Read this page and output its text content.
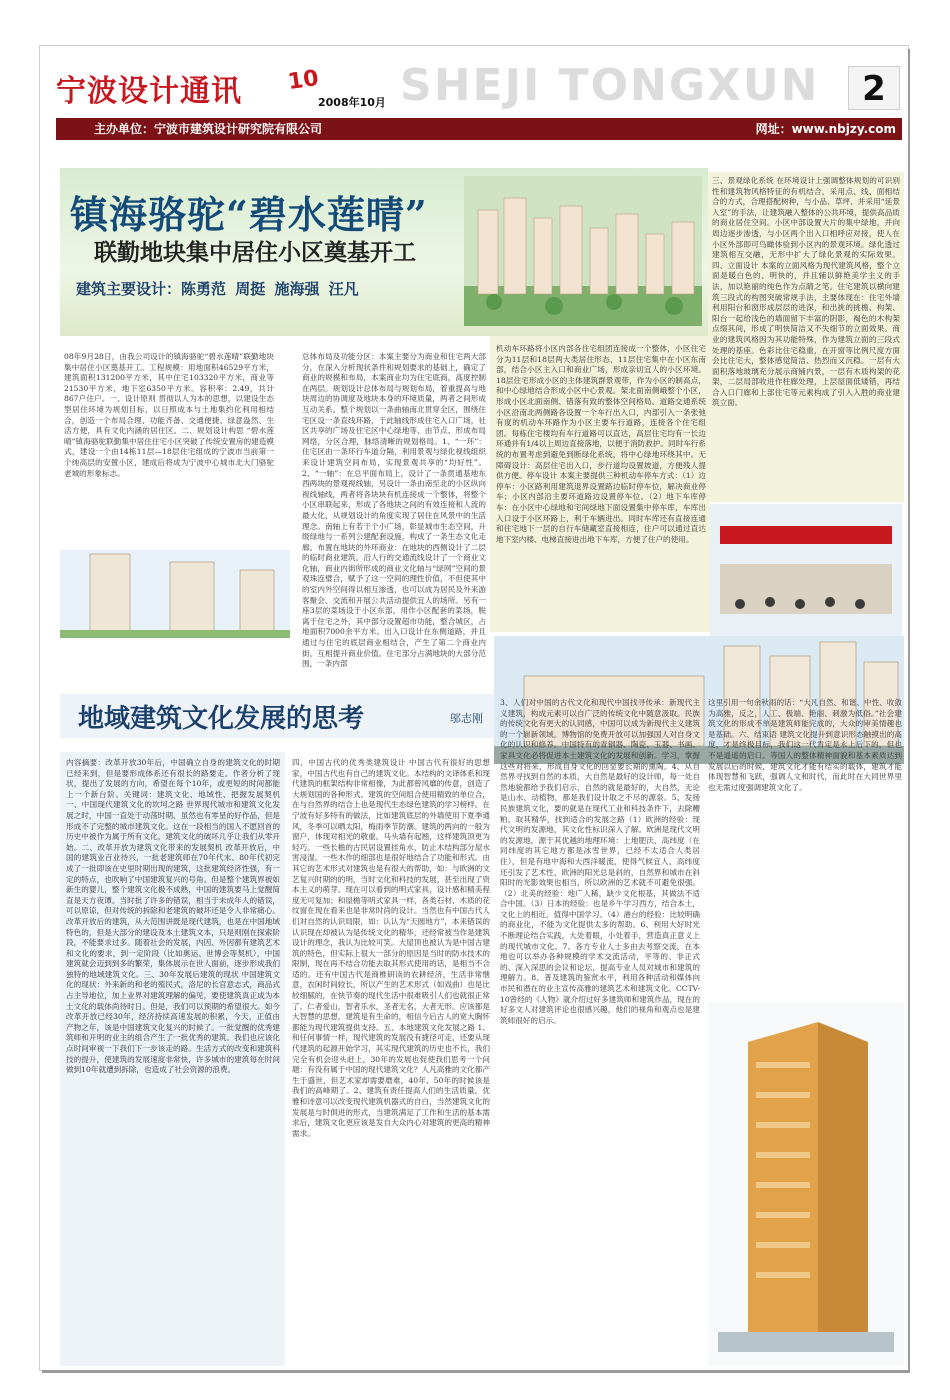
宁波设计通讯 10
2008年10月 SHEJI TONGXUN	2
主办单位：宁波市建筑设计研究院有限公司	网址：www.nbjzy.com
镇海骆驼“碧水莲晴”
联勤地块集中居住小区奠基开工
建筑主要设计：陈勇范 周挺 施海强 汪凡
08年9月28日，由我公司设计的镇海骆驼“碧水莲晴”联勤地块集中居住小区奠基开工。工程规模：用地面积46529平方米，建筑面积131200平方米，其中住宅103320平方米，商业等21530平方米，地下室6350平方米。容积率：2.49，共计867户住户。一、设计原则 贯彻以人为本的思想，以建设生态型居住环境为规划目标，以日照成本与土地集约化利用相结合，创造一个布局合理、功能齐备、交通便捷、绿意盎然、生活方便，具有文化内涵的居住区。二、规划设计构思 “碧水莲晴”镇海骆驼联勤集中居住住宅小区突破了传统安置房的建造模式，建设一个由14栋11层—18层住宅组成的宁波市当前第一个纯高层的安置小区，建成后将成为宁波中心城市北大门骆驼老城的形象标志。
总体布局及功能分区：本案主要分为商业和住宅两大部分，在深入分析现状条件和规划要求的基础上，确定了商业的规模和布局，本案商业均为住宅底商，高度控制在两层。规划设计总体布局与规划布局，着重提高与地块周边的协调度及地块本身的环境质量，两者之间形成互动关系。整个规划以一条曲轴南北贯穿全区，围绕住宅区设一条直线环路，于此轴线形成住宅入口广场，社区共享的广场及住宅区中心绿地等，由节点、形成布局网络，分区合理，脉络清晰的规划格局。1、“一环”：住宅区由一条环行车道分隔，利用景观与绿化视线组织来设计建筑空间布局，实现景观共享的“均好性”。2、“一轴”：在总平面布局上，设计了一条贯通基地东西两块的景观视线轴，另设计一条由南至北的小区纵向视线轴线，两者将各块块有机连接成一个整体，将整个小区串联起来，形成了各地块之间的有效连接和人流的最大化，从规划设计的角度实现了居住在风景中的生活理念。南轴上有若干个小广场，彰显城市生态空间，升级绿地与一系列公建配套设施，构成了一条生态文化走廊。布置在地块的外环商业：在地块的西侧设计了二层的临时商业建筑，沿人行的交通流线设计了一个商业文化轴，商业内街所形成的商业文化轴与“绿网”空间的景观珠连璧合，赋予了这一空间的理性价值，不但使其中的室内外空间得以相互渗透，也可以成为居民及外来游客聚会、交流和开展公共活动提供宜人的场所。另有一座3层的菜场设于小区东部，用作小区配套的菜场，脱离于住宅之外，其中部分设置超市功能，整合城区，占地面积7000余平方米。出入口设计在东侧道路，并且通过与住宅的底层商业相结合，产生了第二个商业内街，互相提升商业价值。住宅部分占满地块的大部分范围，一条内部
机动车环路将小区内部各住宅组团连接成一个整体，小区住宅分为11层和18层两大类居住形态，11层住宅集中在小区东南部，结合小区主入口和商业广场，形成亲切宜人的小区环境。18层住宅形成小区的主体建筑群景观带，作为小区的制高点，和中心绿地结合形成小区中心景观。架北面南侧峨整个小区，形成小区北面南侧、错落有致的整体空间格局。道路交通系统 小区沿南北两侧路各设置一个车行出入口，内部引入一条张弛有度的机动车环路作为小区主要车行道路，连接各个住宅组团。每栋住宅楼均有车行道路可以直达，高层住宅均有一长边环通并有1/4以上周边直接落地，以便于消防救护。同时车行系统的布置考虑到避免到断绿化系统，将中心绿地环绕其中。无障碍设计：高层住宅出入口，步行道均设置坡道，方便残人提供方便。停车设计 本案主要提供三种机动车停车方式：（1）边停车：小区路利用建筑退界设置路边临时停车位，解决商业停车；小区内部沿主要环道路边设置停车位。（2）地下车库停车：在小区中心绿地和宅间绿地下面设置集中停车库，车库出入口设于小区环路上，利于车辆进出。同时车库还有直接连通和住宅地下一层的自行车储藏室直接相连，住户可以通过直达地下室内楼、电梯直接进出地下车库，方便了住户的使用。
三、景观绿化系统 在环境设计上强调整体规划的可识别性和建筑物风格特征的有机结合，采用点、线、面相结合的方式，合理搭配树种，与小品、草坪、并采用“延景入室”的手法，让建筑融入整体的公共环境，提供高品质的商业居住空间。小区中部设置大片的集中绿地，并向周边逐步渗透，与小区两个出入口相呼应对接，使人在小区外部即可鸟瞰体验到小区内的景观环境。绿化透过建筑相互交融，无形中扩大了绿化景观的实际效果。四、立面设计 本案的立面风格为现代建筑风格，整个立面是暖白色的、明快的，并且辅以鲜艳美学主义的手法，加以艳丽的纯色作为点睛之笔。住宅建筑以横向建筑三段式的构图突破常规手法，主要体现在：住宅外墙利用阳台和窗形成层层的进深，和出挑的挑檐、构架、阳台一起给浅色的墙面留下丰富的阴影，褐色的木构架点缀其间，形成了明快简洁又不失细节的立面效果。商业的建筑风格因为其功能特殊，作为建筑立面的三段式处理的基座。色彩比住宅稳重，在开窗等比例尺度方面会比住宅大，整体感觉简洁、热烈而又沉稳。一层有大面积落地玻璃充分展示商铺内景，一层有木质构架的花架，二层局部收进作柱廊处理，上层屋面低矮错，再结合入口门廊和上部住宅等元素构成了引入入胜的商业建筑立面。
地域建筑文化发展的思考	邬志刚
内容摘要：改革开放30年后，中国确立自身的建筑文化的时期已经来到，但是要形成体系还有很长的路要走。作者分析了现状，提出了发展的方向，希望在每个10年，或更短的时间都能上一个新台阶。关键词：建筑文化、地域性、把握发展契机 一、中国现代建筑文化的坎坷之路 世界现代城市和建筑文化发展之时，中国一直处于动荡时期，虽然也有零星的好作品，但是形成不了完整的城市建筑文化。这在一段相当的国人不愿回首的历史中被作为属于所有文化，建筑文化的破坏几乎让我们从零开始。二、改革开放为建筑文化带来的发展契机 改革开放后，中国的建筑业百业待兴，一批老建筑师在70年代末、80年代初完成了一批即该在史里时期出现的建筑，这批建筑经济性强，有一定的特点，也吹响了中国建筑复兴的号角。但是整个建筑界被如新生的婴儿，整个建筑文化极不成熟，中国的建筑要马上觉醒简直是天方夜谭。当时批了许多的错误，相当于未成年人的错误，可以原谅，但对传统的拆除和老建筑的破坏还是令人非常痛心。改革开放后的建筑，从大范围讲既是现代建筑，也是在中国地域特色的，但是大部分的建设及本土建筑文本，只是则刚在探索阶段，不能要求过多。随着社会的发展，内因、外因都有建筑艺术和文化的要求，到一定阶段（比如奥运、世博会等契机），中国建筑就会迈到到多的繁荣，集体展示在世人面前，逐步形成我们独特的地域建筑文化。三、30年发展后建筑的现状 中国建筑文化的现状：外来新的和老的殖民式，洛尼的长官意志式，商品式占主导地位，加上业界对建筑理解的偏见，要使建筑真正成为本土文化的载体尚待时日。但是，我们可以预期的希望很大。如今改革开放已经30年，经济持续高速发展的积累，今天，正值由产物之年，该是中国建筑文化复兴的时候了。一批觉醒的优秀建筑师和开明的业主的组合产生了一批优秀的建筑。我们也应该化点时间审视一下我们下一步该走的路。生活方式的改变和建筑科技的提升，使建筑的发展速度非常快，许多城市的建筑每在时间做到10年就遭到拆除，也造成了社会资源的浪费。
四、中国古代的优秀类建筑设计 中国古代有很好的思想家，中国古代也有自己的建筑文化。本结构的文译体系和现代建筑的框架结构非常相像，为此都曾风靡的传意，创造了大规划国的各种形式。建筑的空间组合使用精致的单位合，在与自然界的结合上也是现代生态绿色建筑的学习榜样。在宁波有好多特有的做法，比如建筑底层的外墙使用下夏季通风，冬季可以晒太阳，梅雨季节防潮。建筑的两向的一般为窗户，体现对相光的敬重。马头墙有起翘，这样建筑顶更为轻巧。一些长檐的古民居设置挂角水，防止木结构部分屋水害浸湿。一些木作的细部也是很好地结合了功能和形式。由其它的艺术形式对建筑也是有很大的帮助，如：与欧洲的文艺复兴时期的的明，当时文化和科技的发展，甚至出现了资本主义的萌芽。现在可以看到的明式家具，设计感和精美程度无可复加；和屋檐等明式家具一样，各类石材、木质的花纹窗在现在看来也是非常时尚的设计。当然也有中国古代人们对自然的认识局限，如：认认为“天圆地方”，本来错误的认识现在却被认为是传统文化的精华，还经常被当作是建筑设计的理念，我认为比较可笑。大屋顶也被认为是中国古建筑的特色，但实际上很大一部分的原因是当时的防水技术的限制，现在再不结合功能去取其形式使用的话，是相当不合适的。还有中国古代是商椎研读的农耕经济，生活非常惬意，农闲时间较长，所以产生的艺术形式（如戏曲）也是比较细腻的，在快节奏的现代生活中很难吸引人们也就很正常了。仁者爱山，智者乐水，圣者无名，大者无形。应该都是大智慧的思想，建筑是有生命的，相信今后古人的宽大胸怀都能为现代建筑提供支持。五、本地建筑文化发展之路 1、和任何事情一样，现代建筑的发展没有捷径可走，还要从现代建筑的起源开始学习，其实现代建筑的历史也不长，我们完全有机会迎头赶上，30年的发展也促使我们思考一个问题：有没有属于中国的现代建筑文化？人凡高雅的文化都产生于盛世，但艺术家却需要磨难，40年、50年的时候该是我们的高峰期了。2、建筑有责任提高人们的生活质量，优雅和诗意可以改变现代建筑机器式的自白，当然建筑文化的发展是与时俱进的形式，当建筑满足了工作和生活的基本需求后，建筑文化更应该是发自大众内心对建筑的更高的精神需求。
3、人们对中国的古代文化和现代中国找寻传承：新现代主义建筑，构成元素可以自广泛的传统文化中随意汲取。民族的传统文化有更大的认同感，中国可以成为新现代主义建筑的一个崭新领域。博物馆的免费开放可以加强国人对自身文化的认识和修养。中国特有的青铜器、陶瓷、玉器、书画、家具文化必将促进本土建筑文化的发展和创新。学习，掌握这些对将来，形成自身文化的回显要长期的熏陶。4、从自然界寻找到自然的本质，大自然是最好的设计师，每一处自然地貌都给予我们启示，自然的就是最好的，大自然，无论是山水、动植物，都是我们设计取之不尽的源泉。5、发扬民族建筑文化，要的就是在现代工业和科技条件下，去除糟粕，取其精华，找到适合的发展之路（1）欧洲的经验：现代文明的发源地，其文化性标识深入了解。欧洲是现代文明的发源地，源于其优越的地理环境：上地肥沃，高纬度（在同纬度的其它地方都是冰雪世界，已经不太适合人类居住），但是有地中海和大西洋暖流，使得气候宜人，高纬度还引发了艺术性，欧洲的阳光总是斜的，自然界和城市在斜阳时的光影效果也相当，所以欧洲的艺术就不可避免很强。（2）北美的经验：地广人稀，缺少文化根基，其做法不适合中国。（3）日本的经验：也是乡午学习西方，结合本土，文化上的相近，值得中国学习。（4）港台的经验：比较明确的商业化，不能为文化提供太多的帮助。6、利用大好时光不断理论结合实践，大处着眼，小处着手，营造真正意义上的现代城市文化。7、各方专业人士多由去考察交流，在本地也可以举办各种规模的学术交流活动，平等的、非正式的、深入深思的会议和论坛，提高专业人员对城市和建筑的理解力。8、普及建筑的鉴赏水平，利用各种活动和媒体向市民和潜在的业主宣传高雅的建筑艺术和建筑文化。CCTV-10曾经的《人物》就介绍过好多建筑师和建筑作品，现在的好多文人对建筑评论也很感兴趣，他们的视角和观点也是建筑师很好的启示。
这里引用一句余秋雨的话：“大凡自然、和谐、中性、收敛为高雅，反之，人工、极端、艳丽、刺激为低俗。”社会建筑文化的形成不单是建筑师能完成的，大众的审美情趣也是基础。六、结束语 建筑文化提升到意识形态触摸出的高度，才是终极目标，我们这一代肯定是永上后下的，但也不是遥遥的启口。等国人的整体精神面貌和基本素质达到发展以后的时候，建筑文化才能有结实的载体，建筑才能体现智慧和飞跃，强调人文和时代，而此时在大同世界里也无需过度强调建筑文化了。
